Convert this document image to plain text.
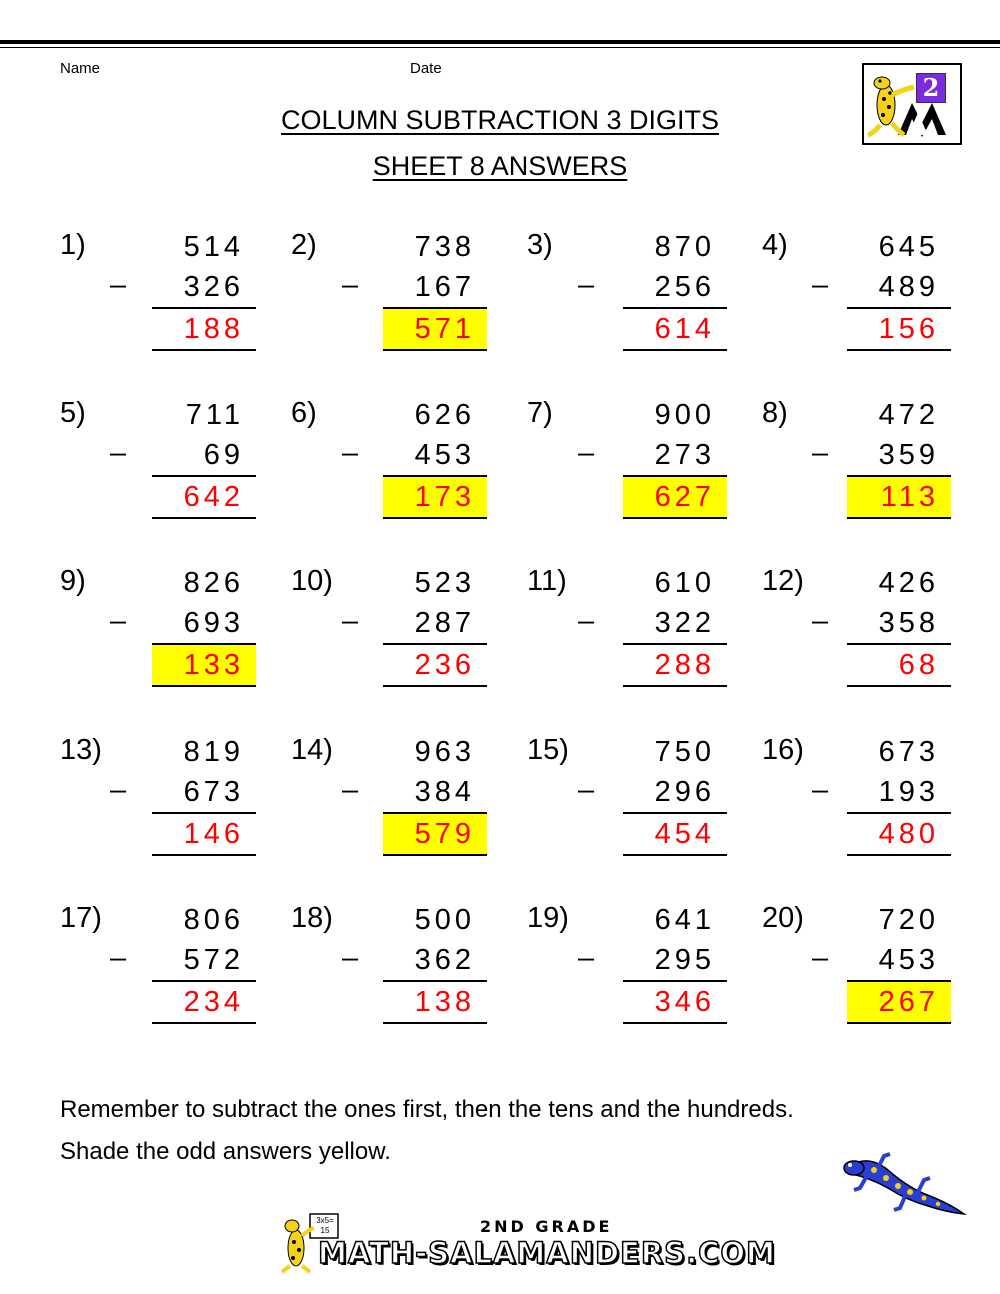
Name	Date
COLUMN SUBTRACTION 3 DIGITS
SHEET 8 ANSWERS
2
1)	514
– 326
188
2)	738
– 167
571
3)	870
– 256
614
4)	645
– 489
156
5)	711
–	69
642
6)	626
– 453
173
7)	900
– 273
627
8)	472
– 359
113
9)	826
– 693
133
10)	523
– 287
236
11)	610
– 322
288
12)	426
– 358
68
13)	819
– 673
146
14)	963
– 384
579
15)	750
– 296
454
16)	673
– 193
480
17)	806
– 572
234
18)	500
– 362
138
19)	641
– 295
346
20)	720
– 453
267
Remember to subtract the ones first, then the tens and the hundreds.
Shade the odd answers yellow.
3x5= 15	2ND GRADE
MATH-SALAMANDERS.COM
